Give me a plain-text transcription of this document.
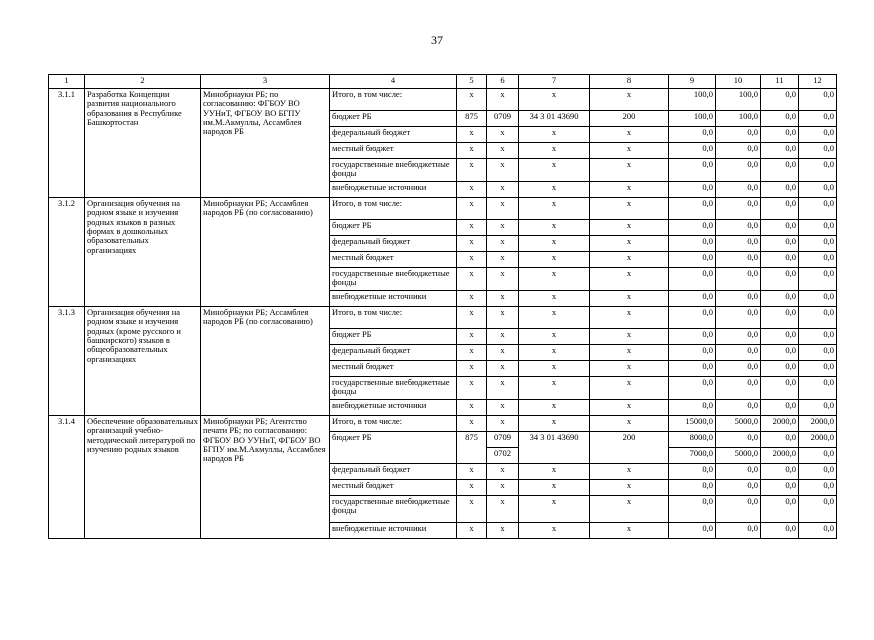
37
1	2	3	4	5	6	7	8	9	10	11	12
3.1.1	Разработка Концепции развития национального образования в Республике Башкортостан	Минобрнауки РБ; по согласованию: ФГБОУ ВО УУНиТ, ФГБОУ ВО БГПУ им.М.Акмуллы, Ассамблея народов РБ	Итого, в том числе:	x	x	x	x	100,0	100,0	0,0	0,0
			бюджет РБ	875	0709	34 3 01 43690	200	100,0	100,0	0,0	0,0
			федеральный бюджет	x	x	x	x	0,0	0,0	0,0	0,0
			местный бюджет	x	x	x	x	0,0	0,0	0,0	0,0
			государственные внебюджетные фонды	x	x	x	x	0,0	0,0	0,0	0,0
			внебюджетные источники	x	x	x	x	0,0	0,0	0,0	0,0
3.1.2	Организация обучения на родном языке и изучения родных языков в разных формах в дошкольных образовательных организациях	Минобрнауки РБ; Ассамблея народов РБ (по согласованию)	Итого, в том числе:	x	x	x	x	0,0	0,0	0,0	0,0
			бюджет РБ	x	x	x	x	0,0	0,0	0,0	0,0
			федеральный бюджет	x	x	x	x	0,0	0,0	0,0	0,0
			местный бюджет	x	x	x	x	0,0	0,0	0,0	0,0
			государственные внебюджетные фонды	x	x	x	x	0,0	0,0	0,0	0,0
			внебюджетные источники	x	x	x	x	0,0	0,0	0,0	0,0
3.1.3	Организация обучения на родном языке и изучения родных (кроме русского и башкирского) языков в общеобразовательных организациях	Минобрнауки РБ; Ассамблея народов РБ (по согласованию)	Итого, в том числе:	x	x	x	x	0,0	0,0	0,0	0,0
			бюджет РБ	x	x	x	x	0,0	0,0	0,0	0,0
			федеральный бюджет	x	x	x	x	0,0	0,0	0,0	0,0
			местный бюджет	x	x	x	x	0,0	0,0	0,0	0,0
			государственные внебюджетные фонды	x	x	x	x	0,0	0,0	0,0	0,0
			внебюджетные источники	x	x	x	x	0,0	0,0	0,0	0,0
3.1.4	Обеспечение образовательных организаций учебно-методической литературой по изучению родных языков	Минобрнауки РБ; Агентство печати РБ; по согласованию: ФГБОУ ВО УУНиТ, ФГБОУ ВО БГПУ им.М.Акмуллы, Ассамблея народов РБ	Итого, в том числе:	x	x	x	x	15000,0	5000,0	2000,0	2000,0
			бюджет РБ	875	0709	34 3 01 43690	200	8000,0	0,0	0,0	2000,0
					0702			7000,0	5000,0	2000,0	0,0
			федеральный бюджет	x	x	x	x	0,0	0,0	0,0	0,0
			местный бюджет	x	x	x	x	0,0	0,0	0,0	0,0
			государственные внебюджетные фонды	x	x	x	x	0,0	0,0	0,0	0,0
			внебюджетные источники	x	x	x	x	0,0	0,0	0,0	0,0
